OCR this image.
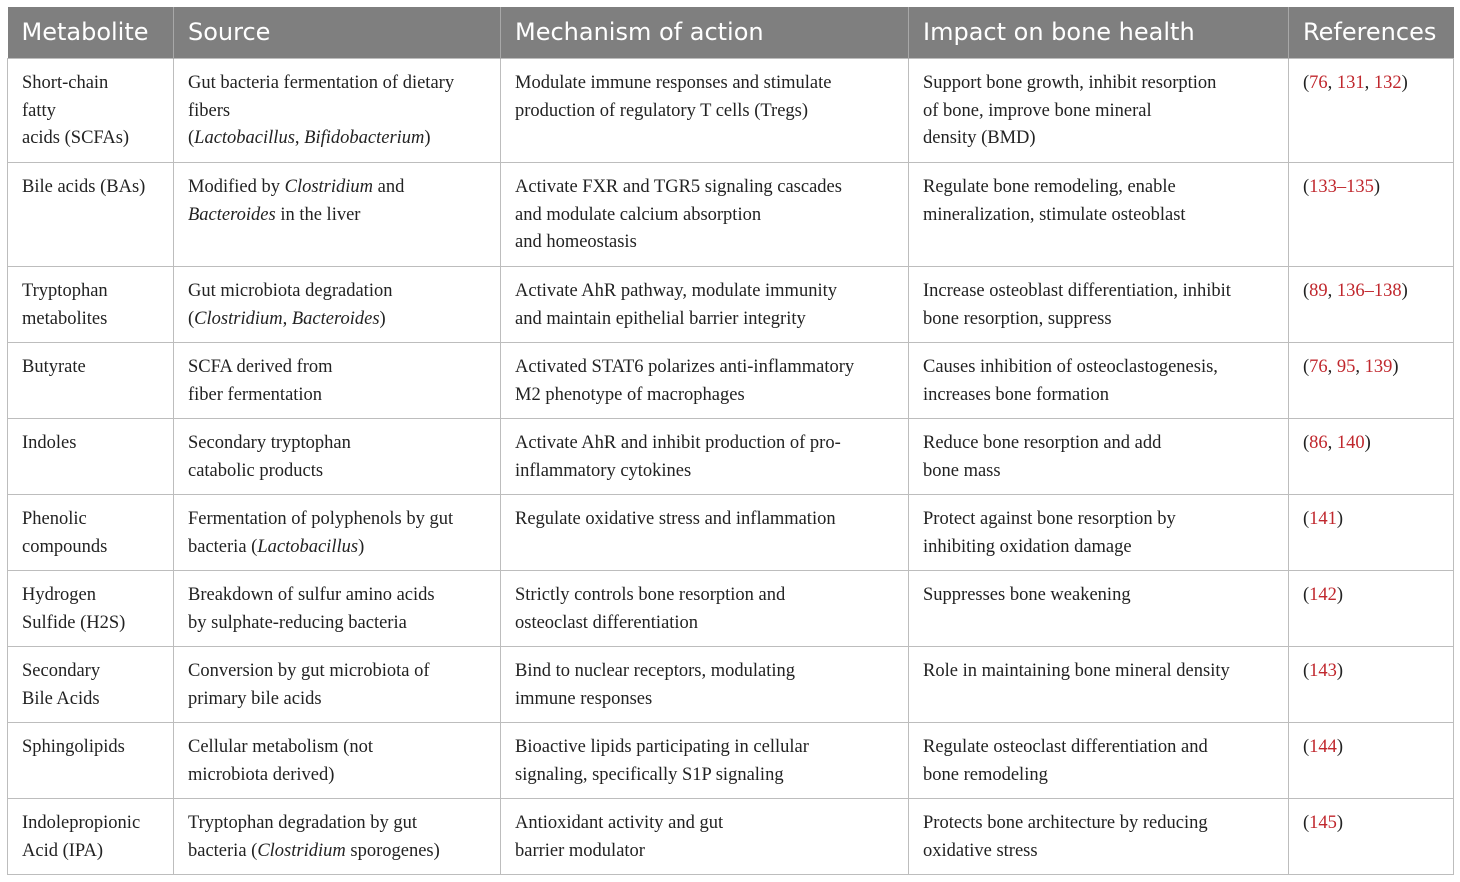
Metabolite	Source	Mechanism of action	Impact on bone health	References

Short-chain
fatty
acids (SCFAs)	Gut bacteria fermentation of dietary
fibers
(Lactobacillus, Bifidobacterium)	Modulate immune responses and stimulate
production of regulatory T cells (Tregs)	Support bone growth, inhibit resorption
of bone, improve bone mineral
density (BMD)	(76, 131, 132)

Bile acids (BAs)	Modified by Clostridium and
Bacteroides in the liver	Activate FXR and TGR5 signaling cascades
and modulate calcium absorption
and homeostasis	Regulate bone remodeling, enable
mineralization, stimulate osteoblast	(133–135)

Tryptophan
metabolites	Gut microbiota degradation
(Clostridium, Bacteroides)	Activate AhR pathway, modulate immunity
and maintain epithelial barrier integrity	Increase osteoblast differentiation, inhibit
bone resorption, suppress	(89, 136–138)

Butyrate	SCFA derived from
fiber fermentation	Activated STAT6 polarizes anti-inflammatory
M2 phenotype of macrophages	Causes inhibition of osteoclastogenesis,
increases bone formation	(76, 95, 139)

Indoles	Secondary tryptophan
catabolic products	Activate AhR and inhibit production of pro-
inflammatory cytokines	Reduce bone resorption and add
bone mass	(86, 140)

Phenolic
compounds	Fermentation of polyphenols by gut
bacteria (Lactobacillus)	Regulate oxidative stress and inflammation	Protect against bone resorption by
inhibiting oxidation damage	(141)

Hydrogen
Sulfide (H2S)	Breakdown of sulfur amino acids
by sulphate-reducing bacteria	Strictly controls bone resorption and
osteoclast differentiation	Suppresses bone weakening	(142)

Secondary
Bile Acids	Conversion by gut microbiota of
primary bile acids	Bind to nuclear receptors, modulating
immune responses	Role in maintaining bone mineral density	(143)

Sphingolipids	Cellular metabolism (not
microbiota derived)	Bioactive lipids participating in cellular
signaling, specifically S1P signaling	Regulate osteoclast differentiation and
bone remodeling	(144)

Indolepropionic
Acid (IPA)	Tryptophan degradation by gut
bacteria (Clostridium sporogenes)	Antioxidant activity and gut
barrier modulator	Protects bone architecture by reducing
oxidative stress	(145)
